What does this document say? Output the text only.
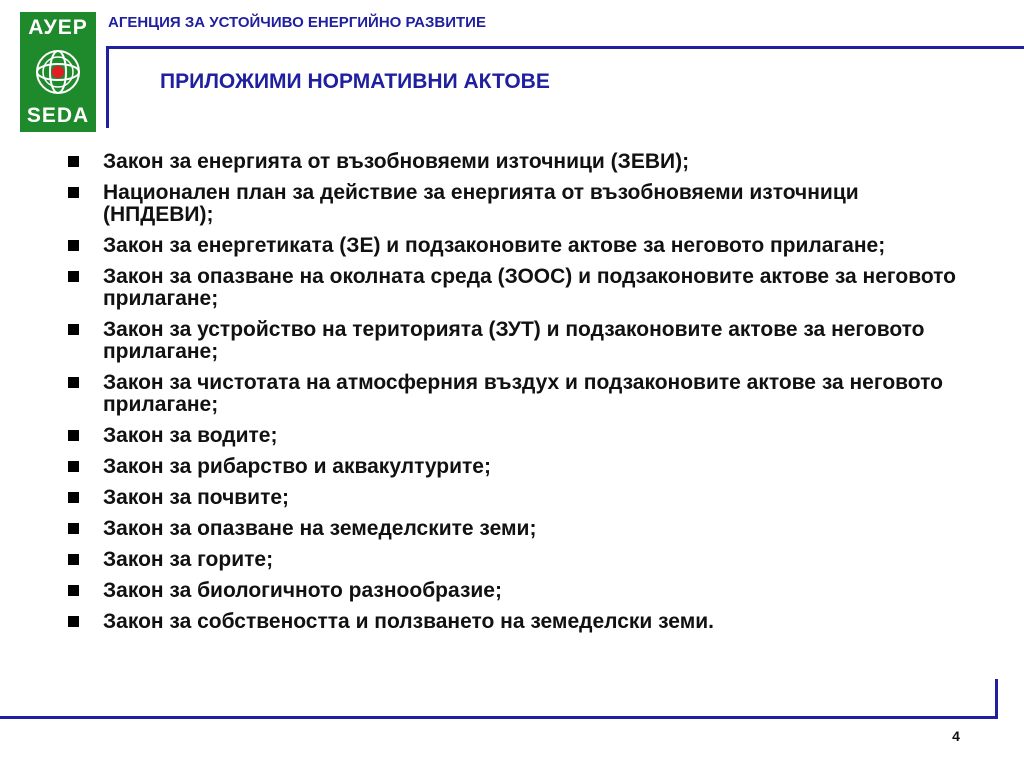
АУЕР
SEDA
АГЕНЦИЯ ЗА УСТОЙЧИВО ЕНЕРГИЙНО РАЗВИТИЕ
ПРИЛОЖИМИ НОРМАТИВНИ АКТОВЕ
Закон за енергията от възобновяеми източници (ЗЕВИ);
Национален план за действие за енергията от възобновяеми източници (НПДЕВИ);
Закон за енергетиката (ЗЕ) и подзаконовите актове за неговото прилагане;
Закон за опазване на околната среда (ЗООС) и подзаконовите актове за неговото прилагане;
Закон за устройство на територията (ЗУТ) и подзаконовите актове за неговото прилагане;
Закон за чистотата на атмосферния въздух и подзаконовите актове за неговото прилагане;
Закон за водите;
Закон за рибарство и аквакултурите;
Закон за почвите;
Закон за опазване на земеделските земи;
Закон за горите;
Закон за биологичното разнообразие;
Закон за собствеността и ползването на земеделски земи.
4
